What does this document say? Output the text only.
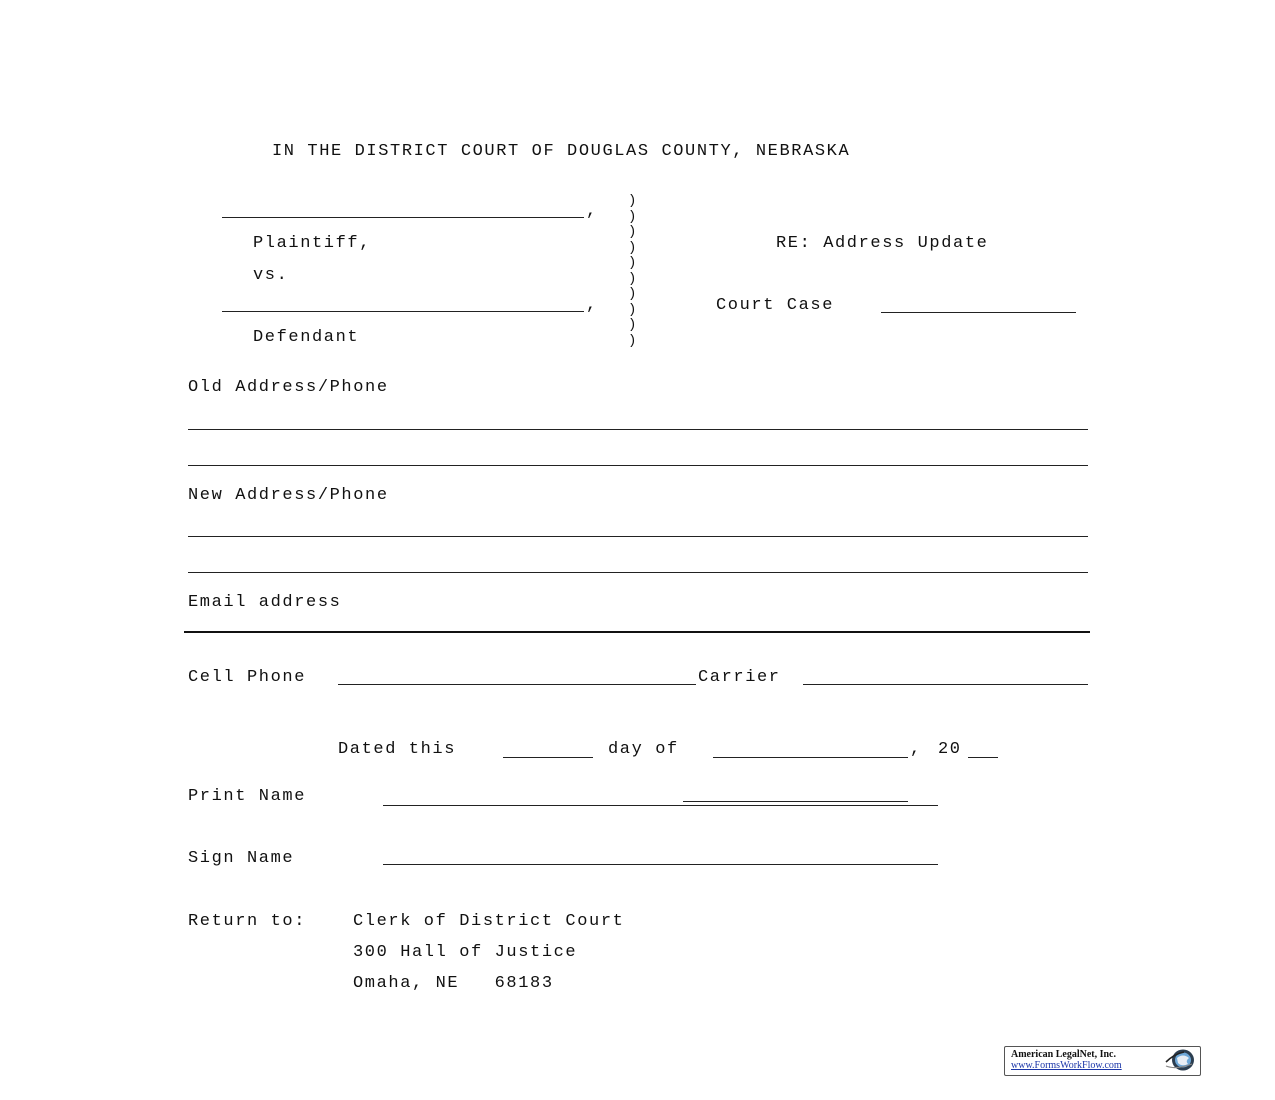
IN THE DISTRICT COURT OF DOUGLAS COUNTY, NEBRASKA
,
Plaintiff,
vs.
,
Defendant
)
)
)
)
)
)
)
)
)
)
RE: Address Update
Court Case
Old Address/Phone
New Address/Phone
Email address
Cell Phone	Carrier
Dated this	day of	, 20
Print Name
Sign Name
Return to:	Clerk of District Court
300 Hall of Justice
Omaha, NE   68183
American LegalNet, Inc.
www.FormsWorkFlow.com
